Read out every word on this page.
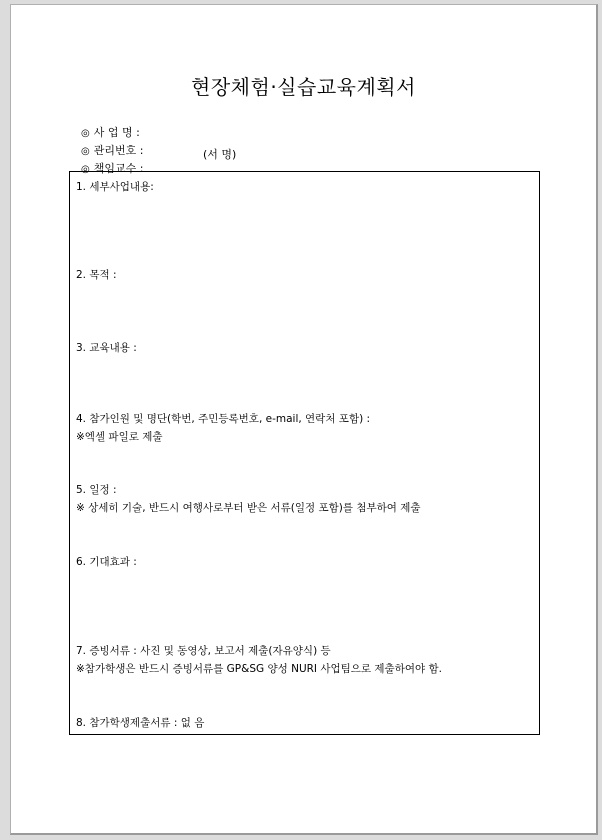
현장체험·실습교육계획서

◎ 사 업 명 :

◎ 관리번호 :

◎ 책임교수 :

(서 명)

1. 세부사업내용:
2. 목적 :
3. 교육내용 :
4. 참가인원 및 명단(학번, 주민등록번호, e-mail, 연락처 포함) :
※엑셀 파일로 제출
5. 일정 :
※ 상세히 기술, 반드시 여행사로부터 받은 서류(일정 포함)를 첨부하여 제출
6. 기대효과 :
7. 증빙서류 : 사진 및 동영상, 보고서 제출(자유양식) 등
※참가학생은 반드시 증빙서류를 GP&SG 양성 NURI 사업팀으로 제출하여야 함.
8. 참가학생제출서류 : 없 음
